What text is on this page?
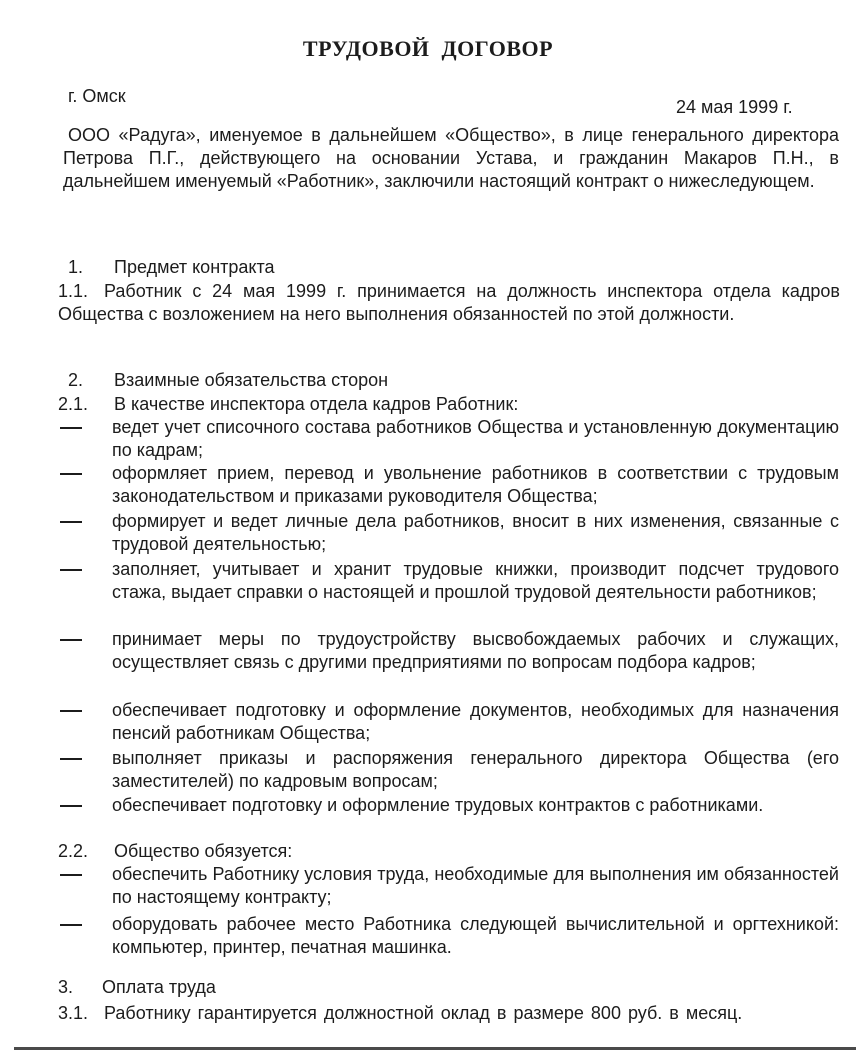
ТРУДОВОЙ ДОГОВОР
г. Омск
24 мая 1999 г.

ООО «Радуга», именуемое в дальнейшем «Общество», в лице генерального директора Петрова П.Г., действующего на основании Устава, и гражданин Макаров П.Н., в дальнейшем именуемый «Работник», заключили настоящий контракт о нижеследующем.

1. Предмет контракта
1.1. Работник с 24 мая 1999 г. принимается на должность инспектора отдела кадров Общества с возложением на него выполнения обязанностей по этой должности.

2. Взаимные обязательства сторон
2.1. В качестве инспектора отдела кадров Работник:

ведет учет списочного состава работников Общества и установленную документацию по кадрам;

оформляет прием, перевод и увольнение работников в соответствии с трудовым законодательством и приказами руководителя Общества;

формирует и ведет личные дела работников, вносит в них изменения, связанные с трудовой деятельностью;

заполняет, учитывает и хранит трудовые книжки, производит подсчет трудового стажа, выдает справки о настоящей и прошлой трудовой деятельности работников;

принимает меры по трудоустройству высвобождаемых рабочих и служащих, осуществляет связь с другими предприятиями по вопросам подбора кадров;

обеспечивает подготовку и оформление документов, необходимых для назначения пенсий работникам Общества;

выполняет приказы и распоряжения генерального директора Общества (его заместителей) по кадровым вопросам;

обеспечивает подготовку и оформление трудовых контрактов с работниками.

2.2. Общество обязуется:

обеспечить Работнику условия труда, необходимые для выполнения им обязанностей по настоящему контракту;

оборудовать рабочее место Работника следующей вычислительной и оргтехникой: компьютер, принтер, печатная машинка.

3. Оплата труда
3.1. Работнику гарантируется должностной оклад в размере 800 руб. в месяц.
